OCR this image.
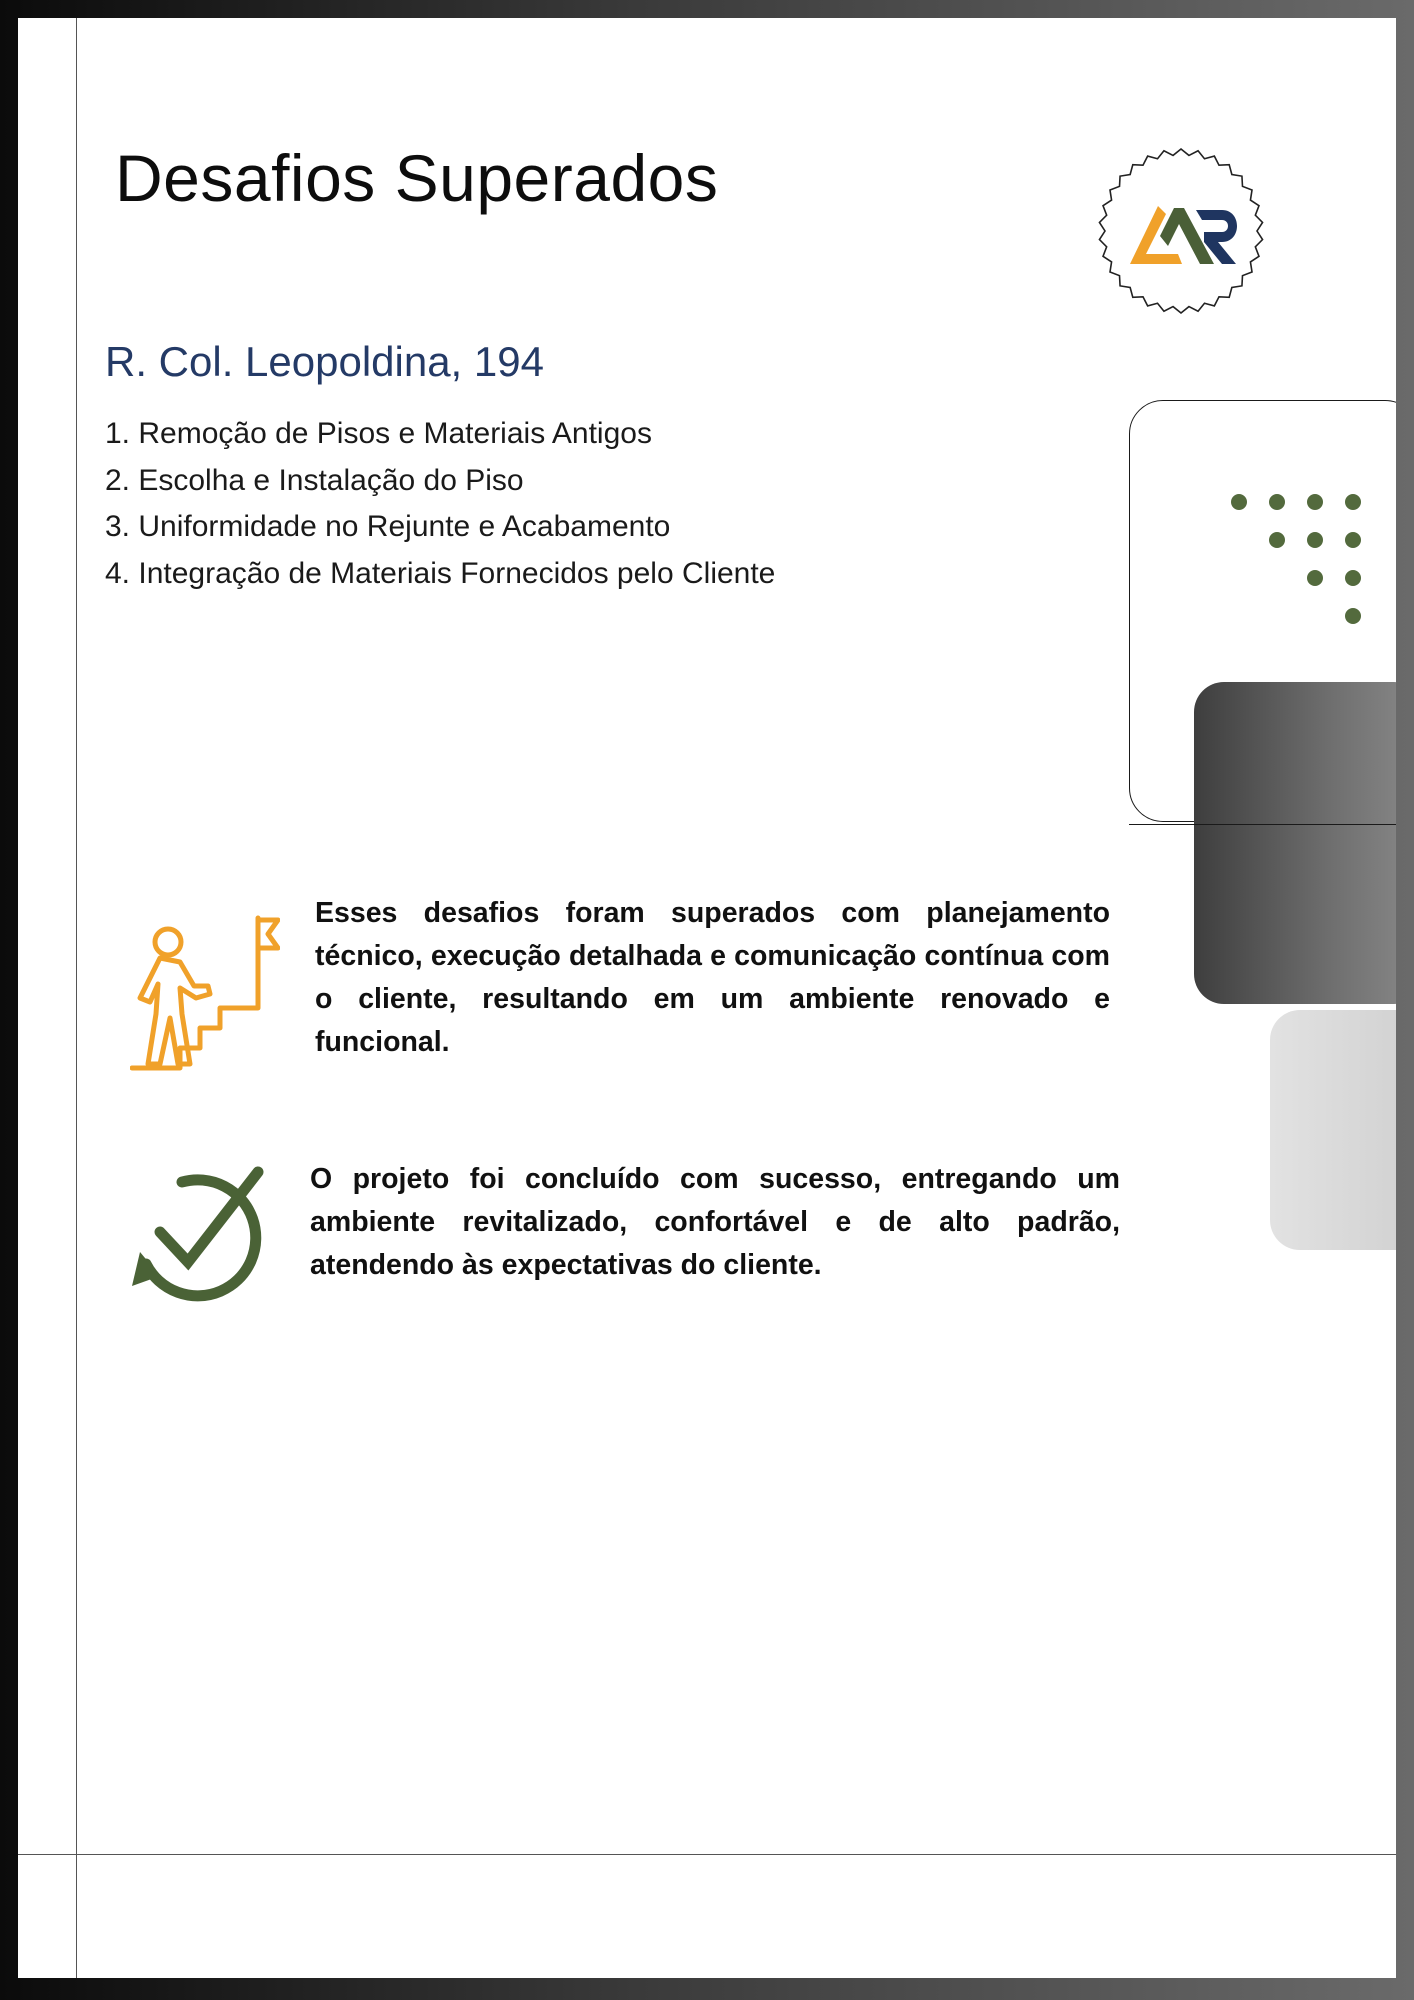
Desafios Superados
R. Col. Leopoldina, 194
1. Remoção de Pisos e Materiais Antigos
2. Escolha e Instalação do Piso
3. Uniformidade no Rejunte e Acabamento
4. Integração de Materiais Fornecidos pelo Cliente

Esses desafios foram superados com planejamento técnico, execução detalhada e comunicação contínua com o cliente, resultando em um ambiente renovado e funcional.

O projeto foi concluído com sucesso, entregando um ambiente revitalizado, confortável e de alto padrão, atendendo às expectativas do cliente.
